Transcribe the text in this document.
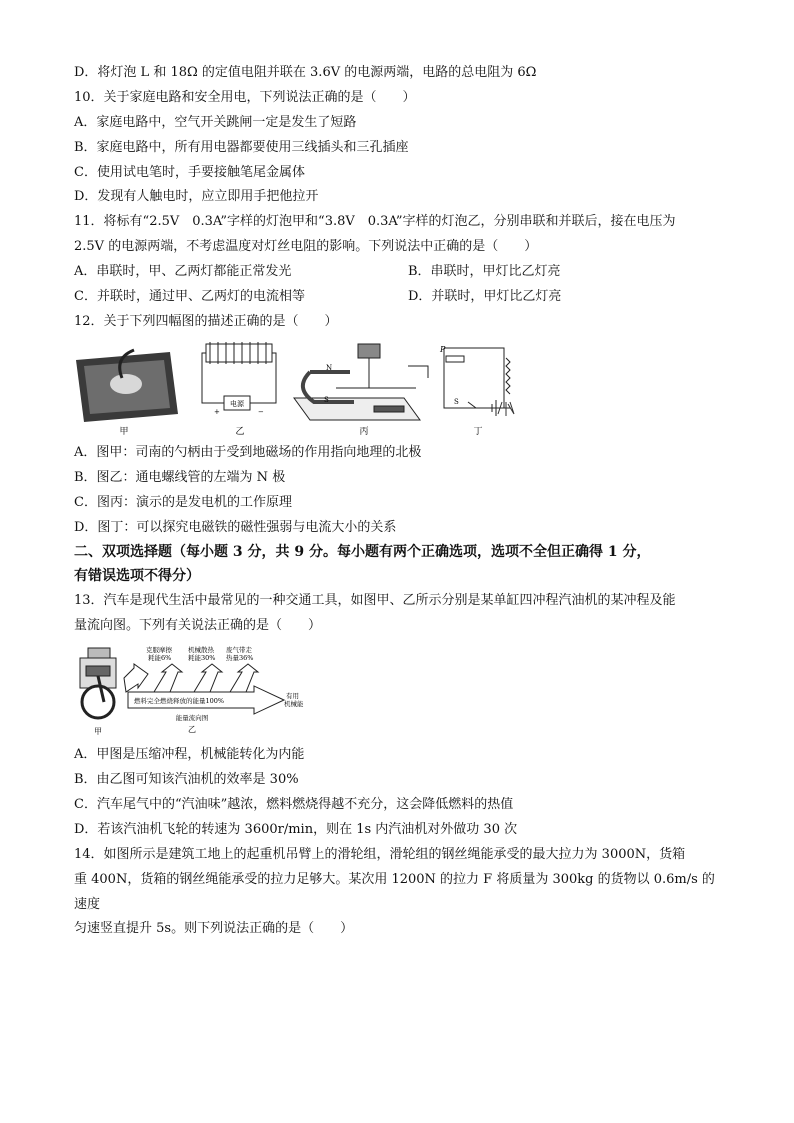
D．将灯泡 L 和 18Ω 的定值电阻并联在 3.6V 的电源两端，电路的总电阻为 6Ω
10．关于家庭电路和安全用电，下列说法正确的是（　　）
A．家庭电路中，空气开关跳闸一定是发生了短路
B．家庭电路中，所有用电器都要使用三线插头和三孔插座
C．使用试电笔时，手要接触笔尾金属体
D．发现有人触电时，应立即用手把他拉开
11．将标有“2.5V　0.3A”字样的灯泡甲和“3.8V　0.3A”字样的灯泡乙，分别串联和并联后，接在电压为
2.5V 的电源两端，不考虑温度对灯丝电阻的影响。下列说法中正确的是（　　）
A．串联时，甲、乙两灯都能正常发光	B．串联时，甲灯比乙灯亮
C．并联时，通过甲、乙两灯的电流相等	D．并联时，甲灯比乙灯亮
12．关于下列四幅图的描述正确的是（　　）
甲
电源
+	−
乙
N
S
丙
P
S
丁
A．图甲：司南的勺柄由于受到地磁场的作用指向地理的北极
B．图乙：通电螺线管的左端为 N 极
C．图丙：演示的是发电机的工作原理
D．图丁：可以探究电磁铁的磁性强弱与电流大小的关系
二、双项选择题（每小题 3 分，共 9 分。每小题有两个正确选项，选项不全但正确得 1 分，
有错误选项不得分）
13．汽车是现代生活中最常见的一种交通工具，如图甲、乙所示分别是某单缸四冲程汽油机的某冲程及能
量流向图。下列有关说法正确的是（　　）
甲
克服摩擦
耗能6%
机械散热
耗能30%
废气带走
热量36%
燃料完全燃烧释放的能量100%
有用
机械能
能量流向图
乙
A．甲图是压缩冲程，机械能转化为内能
B．由乙图可知该汽油机的效率是 30%
C．汽车尾气中的“汽油味”越浓，燃料燃烧得越不充分，这会降低燃料的热值
D．若该汽油机飞轮的转速为 3600r/min，则在 1s 内汽油机对外做功 30 次
14．如图所示是建筑工地上的起重机吊臂上的滑轮组，滑轮组的钢丝绳能承受的最大拉力为 3000N，货箱
重 400N，货箱的钢丝绳能承受的拉力足够大。某次用 1200N 的拉力 F 将质量为 300kg 的货物以 0.6m/s 的
速度
匀速竖直提升 5s。则下列说法正确的是（　　）
